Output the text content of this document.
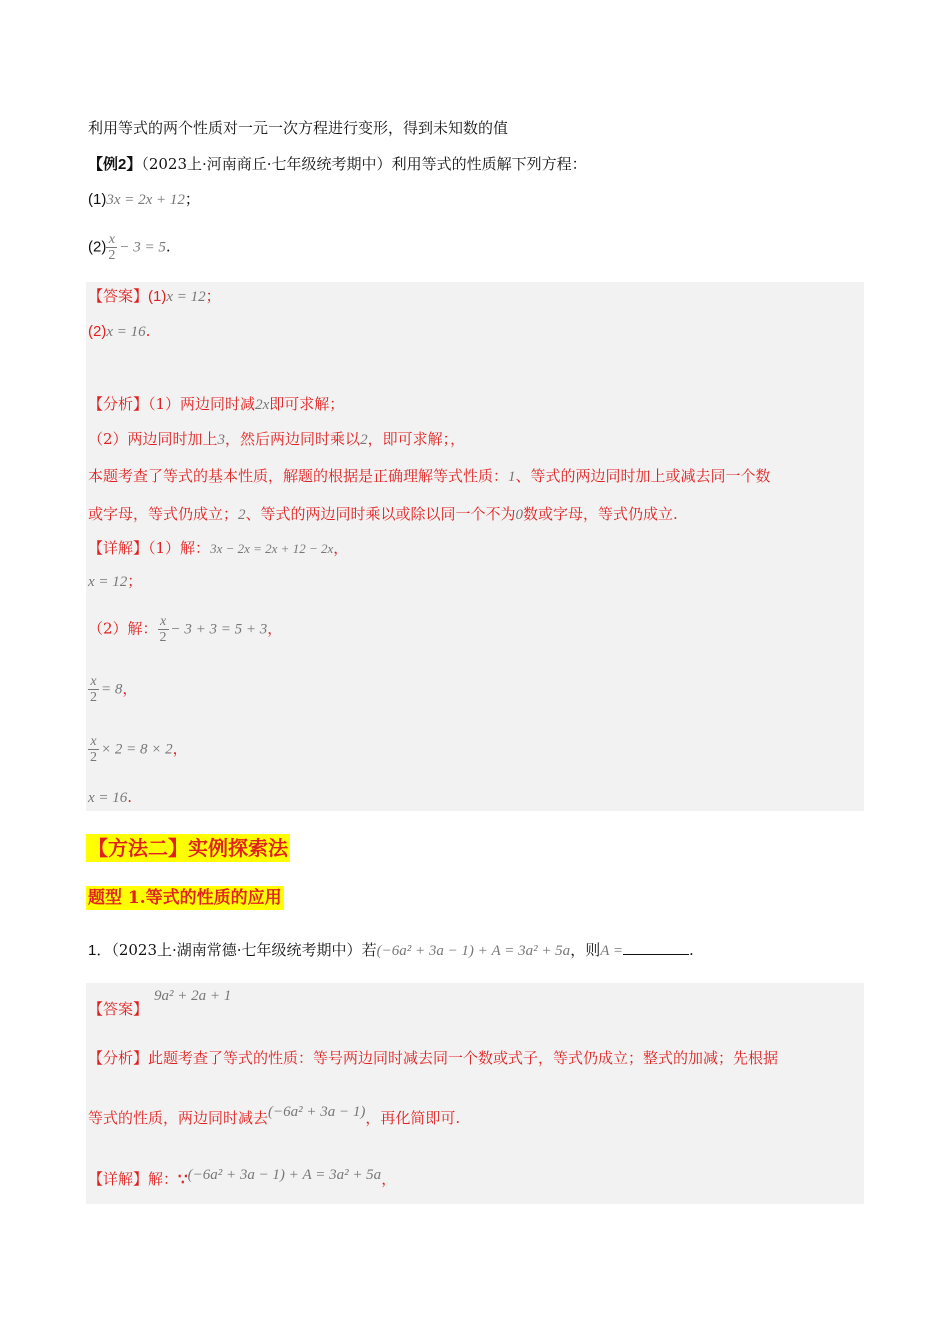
利用等式的两个性质对一元一次方程进行变形，得到未知数的值
【例2】（2023上·河南商丘·七年级统考期中）利用等式的性质解下列方程：
(1)3x = 2x + 12；
$(2) \frac{x}{2} - 3 = 5$.
【答案】(1)x = 12；
(2)x = 16.
【分析】（1）两边同时减2x即可求解；
（2）两边同时加上3，然后两边同时乘以2，即可求解；，
本题考查了等式的基本性质，解题的根据是正确理解等式性质：1、等式的两边同时加上或减去同一个数
或字母，等式仍成立；2、等式的两边同时乘以或除以同一个不为0数或字母，等式仍成立.
【详解】（1）解：3x − 2x = 2x + 12 − 2x，
x = 12；
（2）解： $\frac{x}{2} - 3 + 3 = 5 + 3$，
$\frac{x}{2} = 8$，
$\frac{x}{2} \times 2 = 8 \times 2$，
x = 16.
【方法二】实例探索法
题型 1.等式的性质的应用
1．（2023上·湖南常德·七年级统考期中）若(−6a² + 3a − 1) + A = 3a² + 5a，则A =	.
【答案】9a² + 2a + 1
【分析】此题考查了等式的性质：等号两边同时减去同一个数或式子，等式仍成立；整式的加减；先根据
等式的性质，两边同时减去(−6a² + 3a − 1)，再化简即可.
【详解】解：∵(−6a² + 3a − 1) + A = 3a² + 5a，
